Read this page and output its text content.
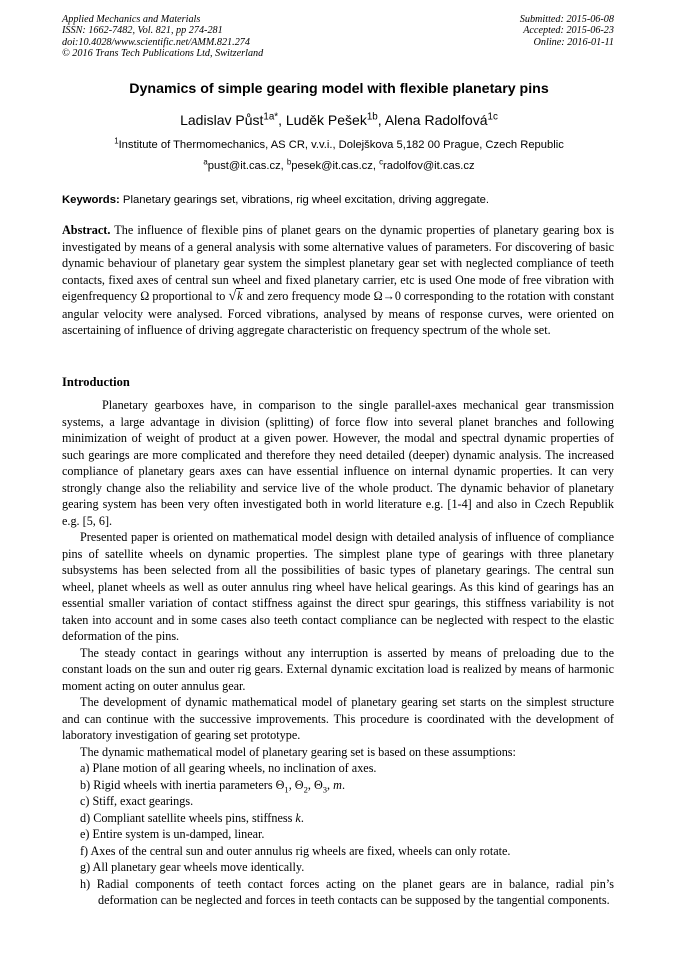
Applied Mechanics and Materials
ISSN: 1662-7482, Vol. 821, pp 274-281
doi:10.4028/www.scientific.net/AMM.821.274
© 2016 Trans Tech Publications Ltd, Switzerland
Submitted: 2015-06-08
Accepted: 2015-06-23
Online: 2016-01-11
Dynamics of simple gearing model with flexible planetary pins
Ladislav Půst$^{1a*}$, Luděk Pešek$^{1b}$, Alena Radolfová$^{1c}$
$^1$Institute of Thermomechanics, AS CR, v.v.i., Dolejškova 5,182 00 Prague, Czech Republic
$^a$pust@it.cas.cz, $^b$pesek@it.cas.cz, $^c$radolfov@it.cas.cz
Keywords: Planetary gearings set, vibrations, rig wheel excitation, driving aggregate.
Abstract. The influence of flexible pins of planet gears on the dynamic properties of planetary gearing box is investigated by means of a general analysis with some alternative values of parameters. For discovering of basic dynamic behaviour of planetary gear system the simplest planetary gear set with neglected compliance of teeth contacts, fixed axes of central sun wheel and fixed planetary carrier, etc is used One mode of free vibration with eigenfrequency Ω proportional to √k and zero frequency mode Ω→0 corresponding to the rotation with constant angular velocity were analysed. Forced vibrations, analysed by means of response curves, were oriented on ascertaining of influence of driving aggregate characteristic on frequency spectrum of the whole set.
Introduction

Planetary gearboxes have, in comparison to the single parallel-axes mechanical gear transmission systems, a large advantage in division (splitting) of force flow into several planet branches and following minimization of weight of product at a given power. However, the modal and spectral dynamic properties of such gearings are more complicated and therefore they need detailed (deeper) dynamic analysis. The increased compliance of planetary gears axes can have essential influence on internal dynamic properties. It can very strongly change also the reliability and service live of the whole product. The dynamic behavior of planetary gearing system has been very often investigated both in world literature e.g. [1-4] and also in Czech Republik e.g. [5, 6].

Presented paper is oriented on mathematical model design with detailed analysis of influence of compliance pins of satellite wheels on dynamic properties. The simplest plane type of gearings with three planetary subsystems has been selected from all the possibilities of basic types of planetary gearings. The central sun wheel, planet wheels as well as outer annulus ring wheel have helical gearings. As this kind of gearings has an essential smaller variation of contact stiffness against the direct spur gearings, this stiffness variability is not taken into account and in some cases also teeth contact compliance can be neglected with respect to the elastic deformation of the pins.

The steady contact in gearings without any interruption is asserted by means of preloading due to the constant loads on the sun and outer rig gears. External dynamic excitation load is realized by means of harmonic moment acting on outer annulus gear.

The development of dynamic mathematical model of planetary gearing set starts on the simplest structure and can continue with the successive improvements. This procedure is coordinated with the development of laboratory investigation of gearing set prototype.

The dynamic mathematical model of planetary gearing set is based on these assumptions:

a) Plane motion of all gearing wheels, no inclination of axes.
b) Rigid wheels with inertia parameters $\Theta_1$, $\Theta_2$, $\Theta_3$, m.
c) Stiff, exact gearings.
d) Compliant satellite wheels pins, stiffness k.
e) Entire system is un-damped, linear.
f) Axes of the central sun and outer annulus rig wheels are fixed, wheels can only rotate.
g) All planetary gear wheels move identically.
h) Radial components of teeth contact forces acting on the planet gears are in balance, radial pin’s deformation can be neglected and forces in teeth contacts can be supposed by the tangential components.
